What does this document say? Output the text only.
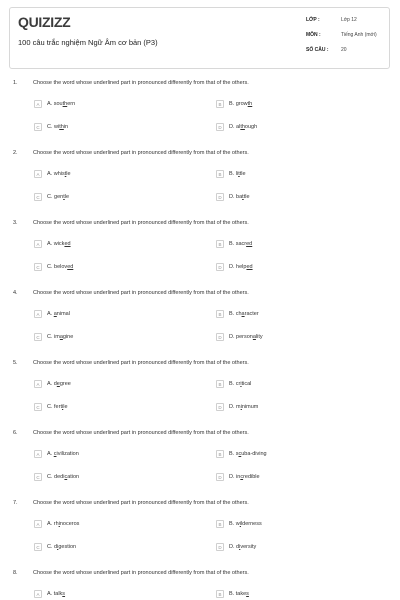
QUIZIZZ
100 câu trắc nghiệm Ngữ Âm cơ bản (P3)
LỚP :	Lớp 12
MÔN :	Tiếng Anh (mới)
SỐ CÂU :	20
1.	Choose the word whose underlined part in pronounced differently from that of the others.
A	A. southern	B	B. growth
C	C. within	D	D. although
2.	Choose the word whose underlined part in pronounced differently from that of the others.
A	A. whistle	B	B. little
C	C. gentle	D	D. battle
3.	Choose the word whose underlined part in pronounced differently from that of the others.
A	A. wicked	B	B. sacred
C	C. beloved	D	D. helped
4.	Choose the word whose underlined part in pronounced differently from that of the others.
A	A. animal	B	B. character
C	C. imagine	D	D. personality
5.	Choose the word whose underlined part in pronounced differently from that of the others.
A	A. degree	B	B. critical
C	C. fertile	D	D. minimum
6.	Choose the word whose underlined part in pronounced differently from that of the others.
A	A. civilization	B	B. scuba-diving
C	C. dedication	D	D. incredible
7.	Choose the word whose underlined part in pronounced differently from that of the others.
A	A. rhinoceros	B	B. wilderness
C	C. digestion	D	D. diversity
8.	Choose the word whose underlined part in pronounced differently from that of the others.
A	A. talks	B	B. takes
